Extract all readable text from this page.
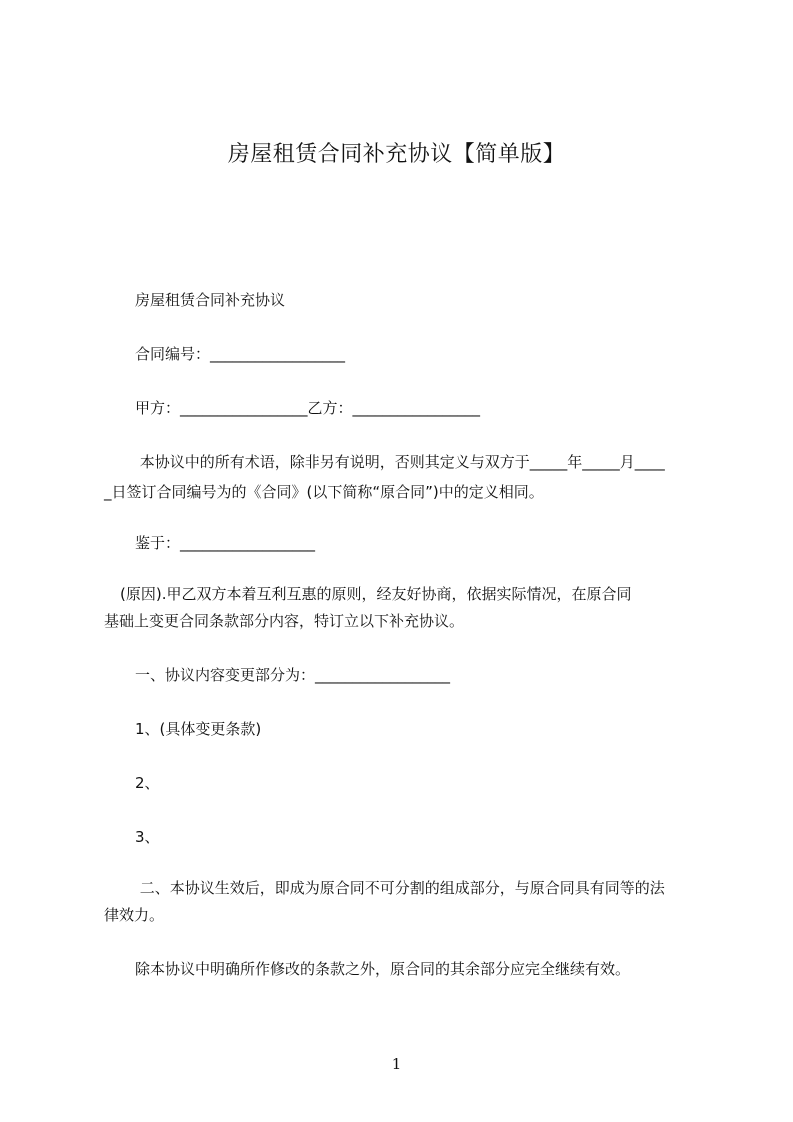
房屋租赁合同补充协议【简单版】
房屋租赁合同补充协议
合同编号：__________________
甲方：_________________乙方：_________________
本协议中的所有术语，除非另有说明，否则其定义与双方于_____年_____月____
_日签订合同编号为的《合同》(以下简称“原合同”)中的定义相同。
鉴于：__________________
(原因).甲乙双方本着互利互惠的原则，经友好协商，依据实际情况，在原合同
基础上变更合同条款部分内容，特订立以下补充协议。
一、协议内容变更部分为：__________________
1、(具体变更条款)
2、
3、
二、本协议生效后，即成为原合同不可分割的组成部分，与原合同具有同等的法
律效力。
除本协议中明确所作修改的条款之外，原合同的其余部分应完全继续有效。
1
